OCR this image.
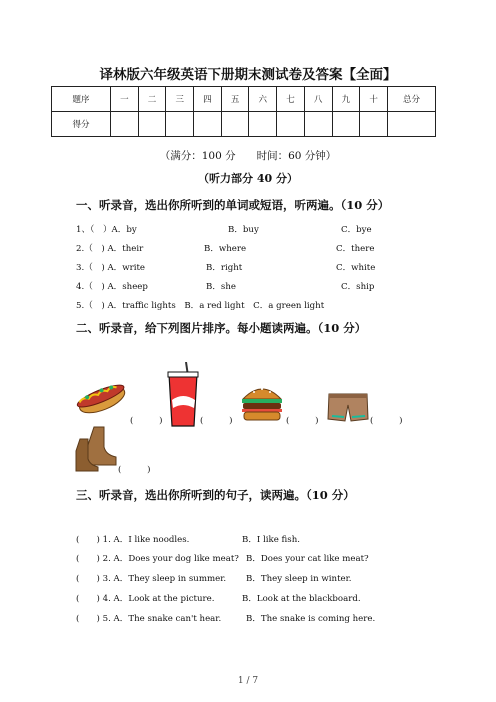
译林版六年级英语下册期末测试卷及答案【全面】
题序	一	二	三	四	五	六	七	八	九	十	总分
得分											
（满分：100 分　　时间：60 分钟）
（听力部分 40 分）
一、听录音，选出你所听到的单词或短语，听两遍。（10 分）
1、（　）A．by	B．buy	C．bye
2.（　) A．their	B．where	C．there
3.（　) A．write	B．right	C．white
4.（　) A．sheep	B．she	C．ship
5.（　) A．traffic lights　B．a red light　C．a green light
二、听录音，给下列图片排序。每小题读两遍。（10 分）
(　　　)	(　　　)	(　　　)	(　　　)
(　　　)
三、听录音，选出你所听到的句子，读两遍。（10 分）
(　　) 1. A．I like noodles.	B．I like fish.
(　　) 2. A．Does your dog like meat? B．Does your cat like meat?
(　　) 3. A．They sleep in summer. B．They sleep in winter.
(　　) 4. A．Look at the picture.	B．Look at the blackboard.
(　　) 5. A．The snake can't hear.	B．The snake is coming here.
1 / 7
